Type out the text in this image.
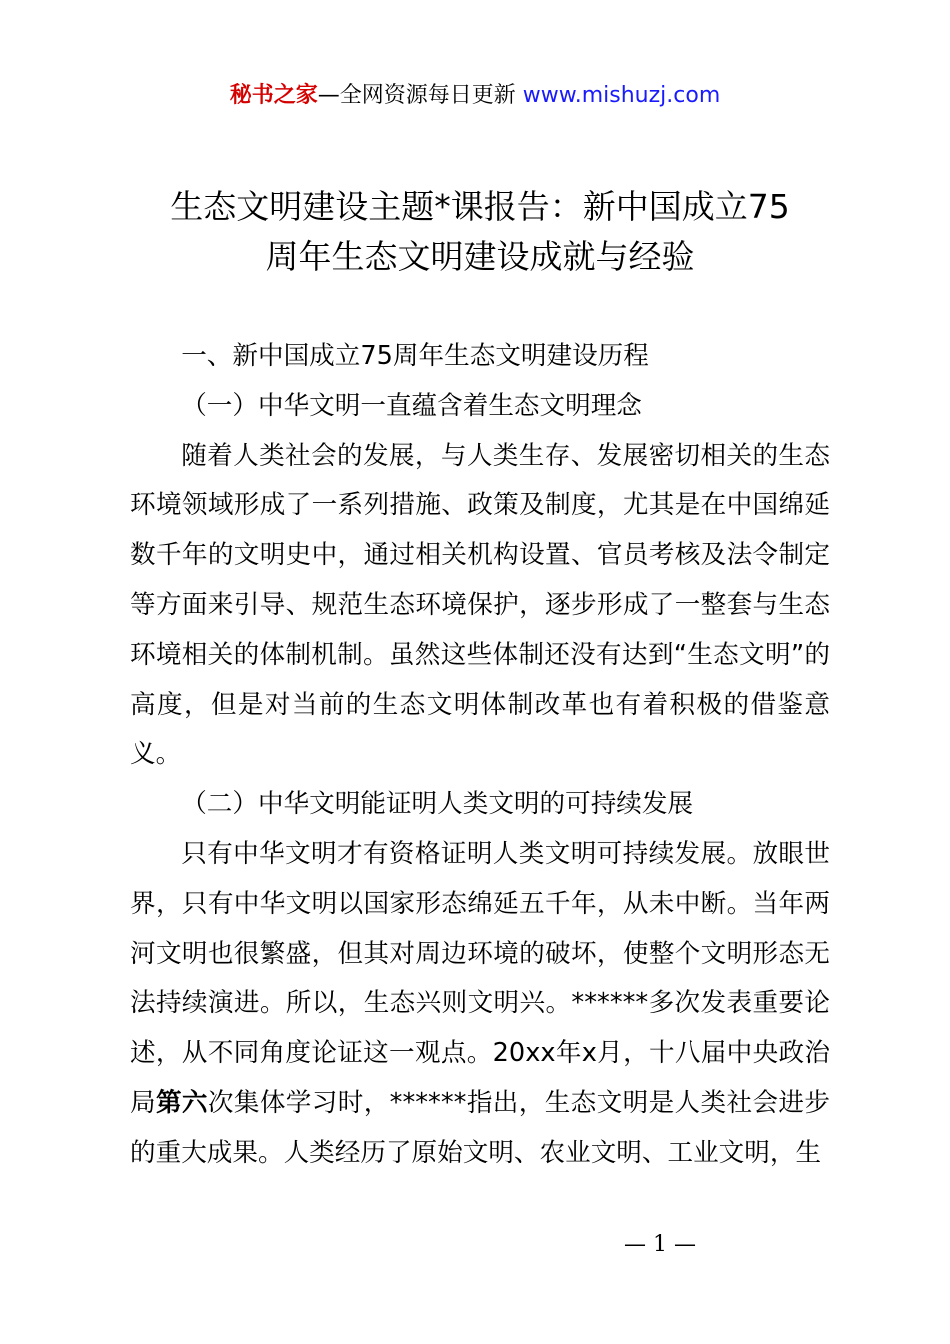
秘书之家—全网资源每日更新 www.mishuzj.com
生态文明建设主题*课报告：新中国成立75
周年生态文明建设成就与经验

一、新中国成立75周年生态文明建设历程

（一）中华文明一直蕴含着生态文明理念

随着人类社会的发展，与人类生存、发展密切相关的生态环境领域形成了一系列措施、政策及制度，尤其是在中国绵延数千年的文明史中，通过相关机构设置、官员考核及法令制定等方面来引导、规范生态环境保护，逐步形成了一整套与生态环境相关的体制机制。虽然这些体制还没有达到“生态文明”的高度，但是对当前的生态文明体制改革也有着积极的借鉴意义。

（二）中华文明能证明人类文明的可持续发展

只有中华文明才有资格证明人类文明可持续发展。放眼世界，只有中华文明以国家形态绵延五千年，从未中断。当年两河文明也很繁盛，但其对周边环境的破坏，使整个文明形态无法持续演进。所以，生态兴则文明兴。******多次发表重要论述，从不同角度论证这一观点。20xx年x月，十八届中央政治局第六次集体学习时，******指出，生态文明是人类社会进步的重大成果。人类经历了原始文明、农业文明、工业文明，生

— 1 —
